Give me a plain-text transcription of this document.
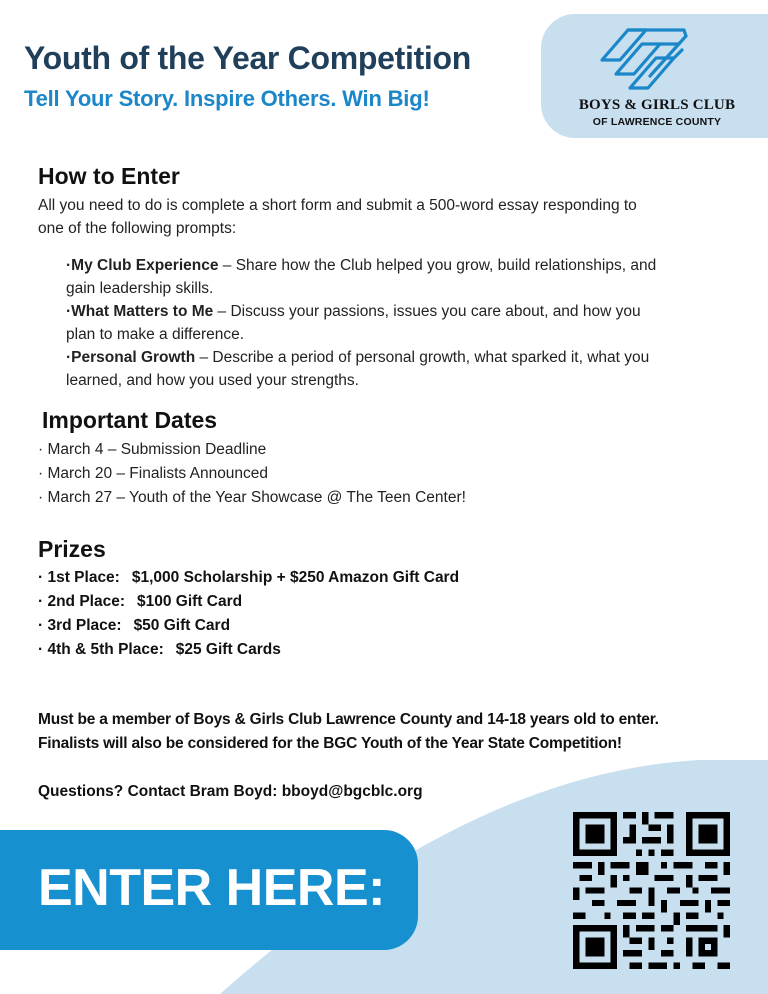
Youth of the Year Competition
Tell Your Story. Inspire Others. Win Big!	BOYS & GIRLS CLUB
OF LAWRENCE COUNTY
How to Enter
All you need to do is complete a short form and submit a 500-word essay responding to
one of the following prompts:
·My Club Experience – Share how the Club helped you grow, build relationships, and
gain leadership skills.
·What Matters to Me – Discuss your passions, issues you care about, and how you
plan to make a difference.
·Personal Growth – Describe a period of personal growth, what sparked it, what you
learned, and how you used your strengths.
Important Dates
· March 4 – Submission Deadline
· March 20 – Finalists Announced
· March 27 – Youth of the Year Showcase @ The Teen Center!
Prizes
· 1st Place: $1,000 Scholarship + $250 Amazon Gift Card
· 2nd Place: $100 Gift Card
· 3rd Place: $50 Gift Card
· 4th & 5th Place: $25 Gift Cards
Must be a member of Boys & Girls Club Lawrence County and 14-18 years old to enter.
Finalists will also be considered for the BGC Youth of the Year State Competition!
Questions? Contact Bram Boyd: bboyd@bgcblc.org
ENTER HERE:
